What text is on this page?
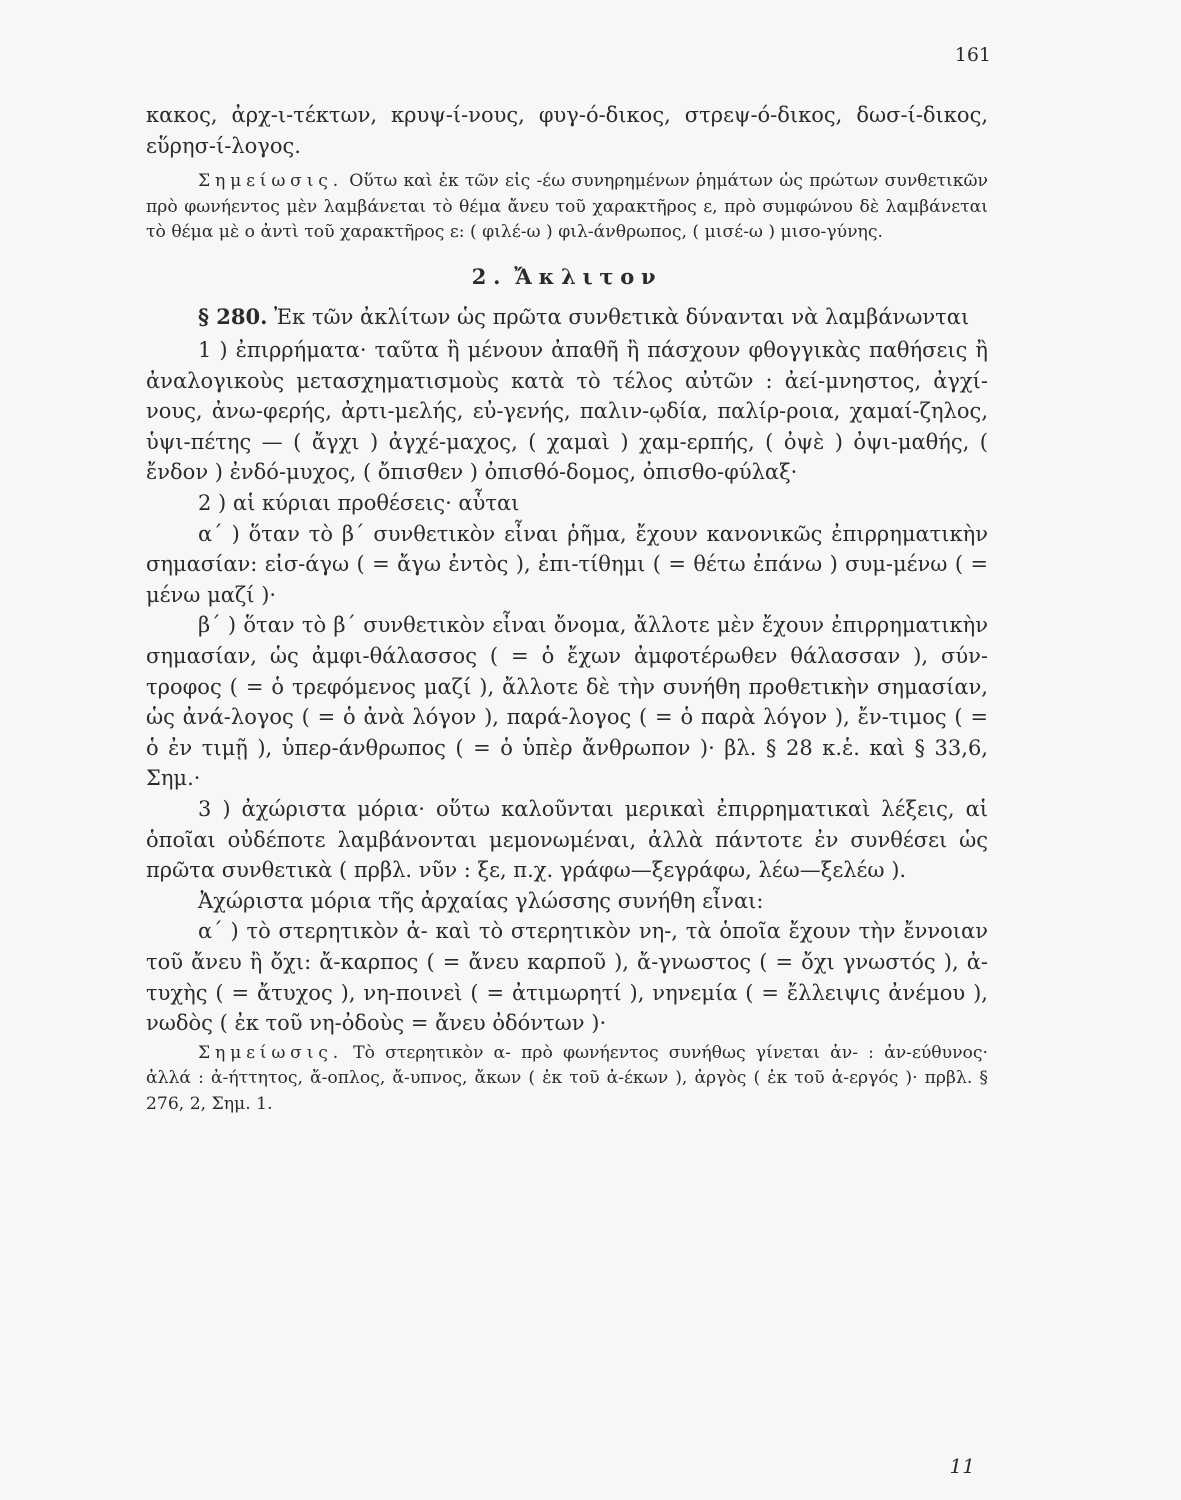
161

κακος, ἀρχ-ι-τέκτων, κρυψ-ί-νους, φυγ-ό-δικος, στρεψ-ό-δικος, δωσ-ί-δικος, εὕρησ-ί-λογος.

Σημείωσις. Οὕτω καὶ ἐκ τῶν εἰς -έω συνηρημένων ῥημάτων ὡς πρώτων συνθετικῶν πρὸ φωνήεντος μὲν λαμβάνεται τὸ θέμα ἄνευ τοῦ χαρακτῆρος ε, πρὸ συμφώνου δὲ λαμβάνεται τὸ θέμα μὲ ο ἀντὶ τοῦ χαρακτῆρος ε: ( φιλέ-ω ) φιλ-άνθρωπος, ( μισέ-ω ) μισο-γύνης.

2. Ἄκλιτον

§ 280. Ἐκ τῶν ἀκλίτων ὡς πρῶτα συνθετικὰ δύνανται νὰ λαμβάνωνται

1 ) ἐπιρρήματα· ταῦτα ἢ μένουν ἀπαθῆ ἢ πάσχουν φθογγικὰς παθήσεις ἢ ἀναλογικοὺς μετασχηματισμοὺς κατὰ τὸ τέλος αὐτῶν : ἀεί-μνηστος, ἀγχί-νους, ἀνω-φερής, ἀρτι-μελής, εὐ-γενής, παλιν-ῳδία, παλίρ-ροια, χαμαί-ζηλος, ὑψι-πέτης — ( ἄγχι ) ἀγχέ-μαχος, ( χαμαὶ ) χαμ-ερπής, ( ὀψὲ ) ὀψι-μαθής, ( ἔνδον ) ἐνδό-μυχος, ( ὄπισθεν ) ὀπισθό-δομος, ὀπισθο-φύλαξ·

2 ) αἱ κύριαι προθέσεις· αὗται

α΄ ) ὅταν τὸ β΄ συνθετικὸν εἶναι ῥῆμα, ἔχουν κανονικῶς ἐπιρρηματικὴν σημασίαν: εἰσ-άγω ( = ἄγω ἐντὸς ), ἐπι-τίθημι ( = θέτω ἐπάνω ) συμ-μένω ( = μένω μαζί )·

β΄ ) ὅταν τὸ β΄ συνθετικὸν εἶναι ὄνομα, ἄλλοτε μὲν ἔχουν ἐπιρρηματικὴν σημασίαν, ὡς ἀμφι-θάλασσος ( = ὁ ἔχων ἀμφοτέρωθεν θάλασσαν ), σύν-τροφος ( = ὁ τρεφόμενος μαζί ), ἄλλοτε δὲ τὴν συνήθη προθετικὴν σημασίαν, ὡς ἀνά-λογος ( = ὁ ἀνὰ λόγον ), παρά-λογος ( = ὁ παρὰ λόγον ), ἔν-τιμος ( = ὁ ἐν τιμῇ ), ὑπερ-άνθρωπος ( = ὁ ὑπὲρ ἄνθρωπον )· βλ. § 28 κ.ἑ. καὶ § 33,6, Σημ.·

3 ) ἀχώριστα μόρια· οὕτω καλοῦνται μερικαὶ ἐπιρρηματικαὶ λέξεις, αἱ ὁποῖαι οὐδέποτε λαμβάνονται μεμονωμέναι, ἀλλὰ πάντοτε ἐν συνθέσει ὡς πρῶτα συνθετικὰ ( πρβλ. νῦν : ξε, π.χ. γράφω—ξεγράφω, λέω—ξελέω ).

Ἀχώριστα μόρια τῆς ἀρχαίας γλώσσης συνήθη εἶναι:

α΄ ) τὸ στερητικὸν ἀ- καὶ τὸ στερητικὸν νη-, τὰ ὁποῖα ἔχουν τὴν ἔννοιαν τοῦ ἄνευ ἢ ὄχι: ἄ-καρπος ( = ἄνευ καρποῦ ), ἄ-γνωστος ( = ὄχι γνωστός ), ἀ-τυχὴς ( = ἄτυχος ), νη-ποινεὶ ( = ἀτιμωρητί ), νηνεμία ( = ἔλλειψις ἀνέμου ), νωδὸς ( ἐκ τοῦ νη-ὀδοὺς = ἄνευ ὀδόντων )·

Σημείωσις. Τὸ στερητικὸν α- πρὸ φωνήεντος συνήθως γίνεται ἀν- : ἀν-εύθυνος· ἀλλά : ἀ-ήττητος, ἄ-οπλος, ἄ-υπνος, ἄκων ( ἐκ τοῦ ἀ-έκων ), ἀργὸς ( ἐκ τοῦ ἀ-εργός )· πρβλ. § 276, 2, Σημ. 1.

11
